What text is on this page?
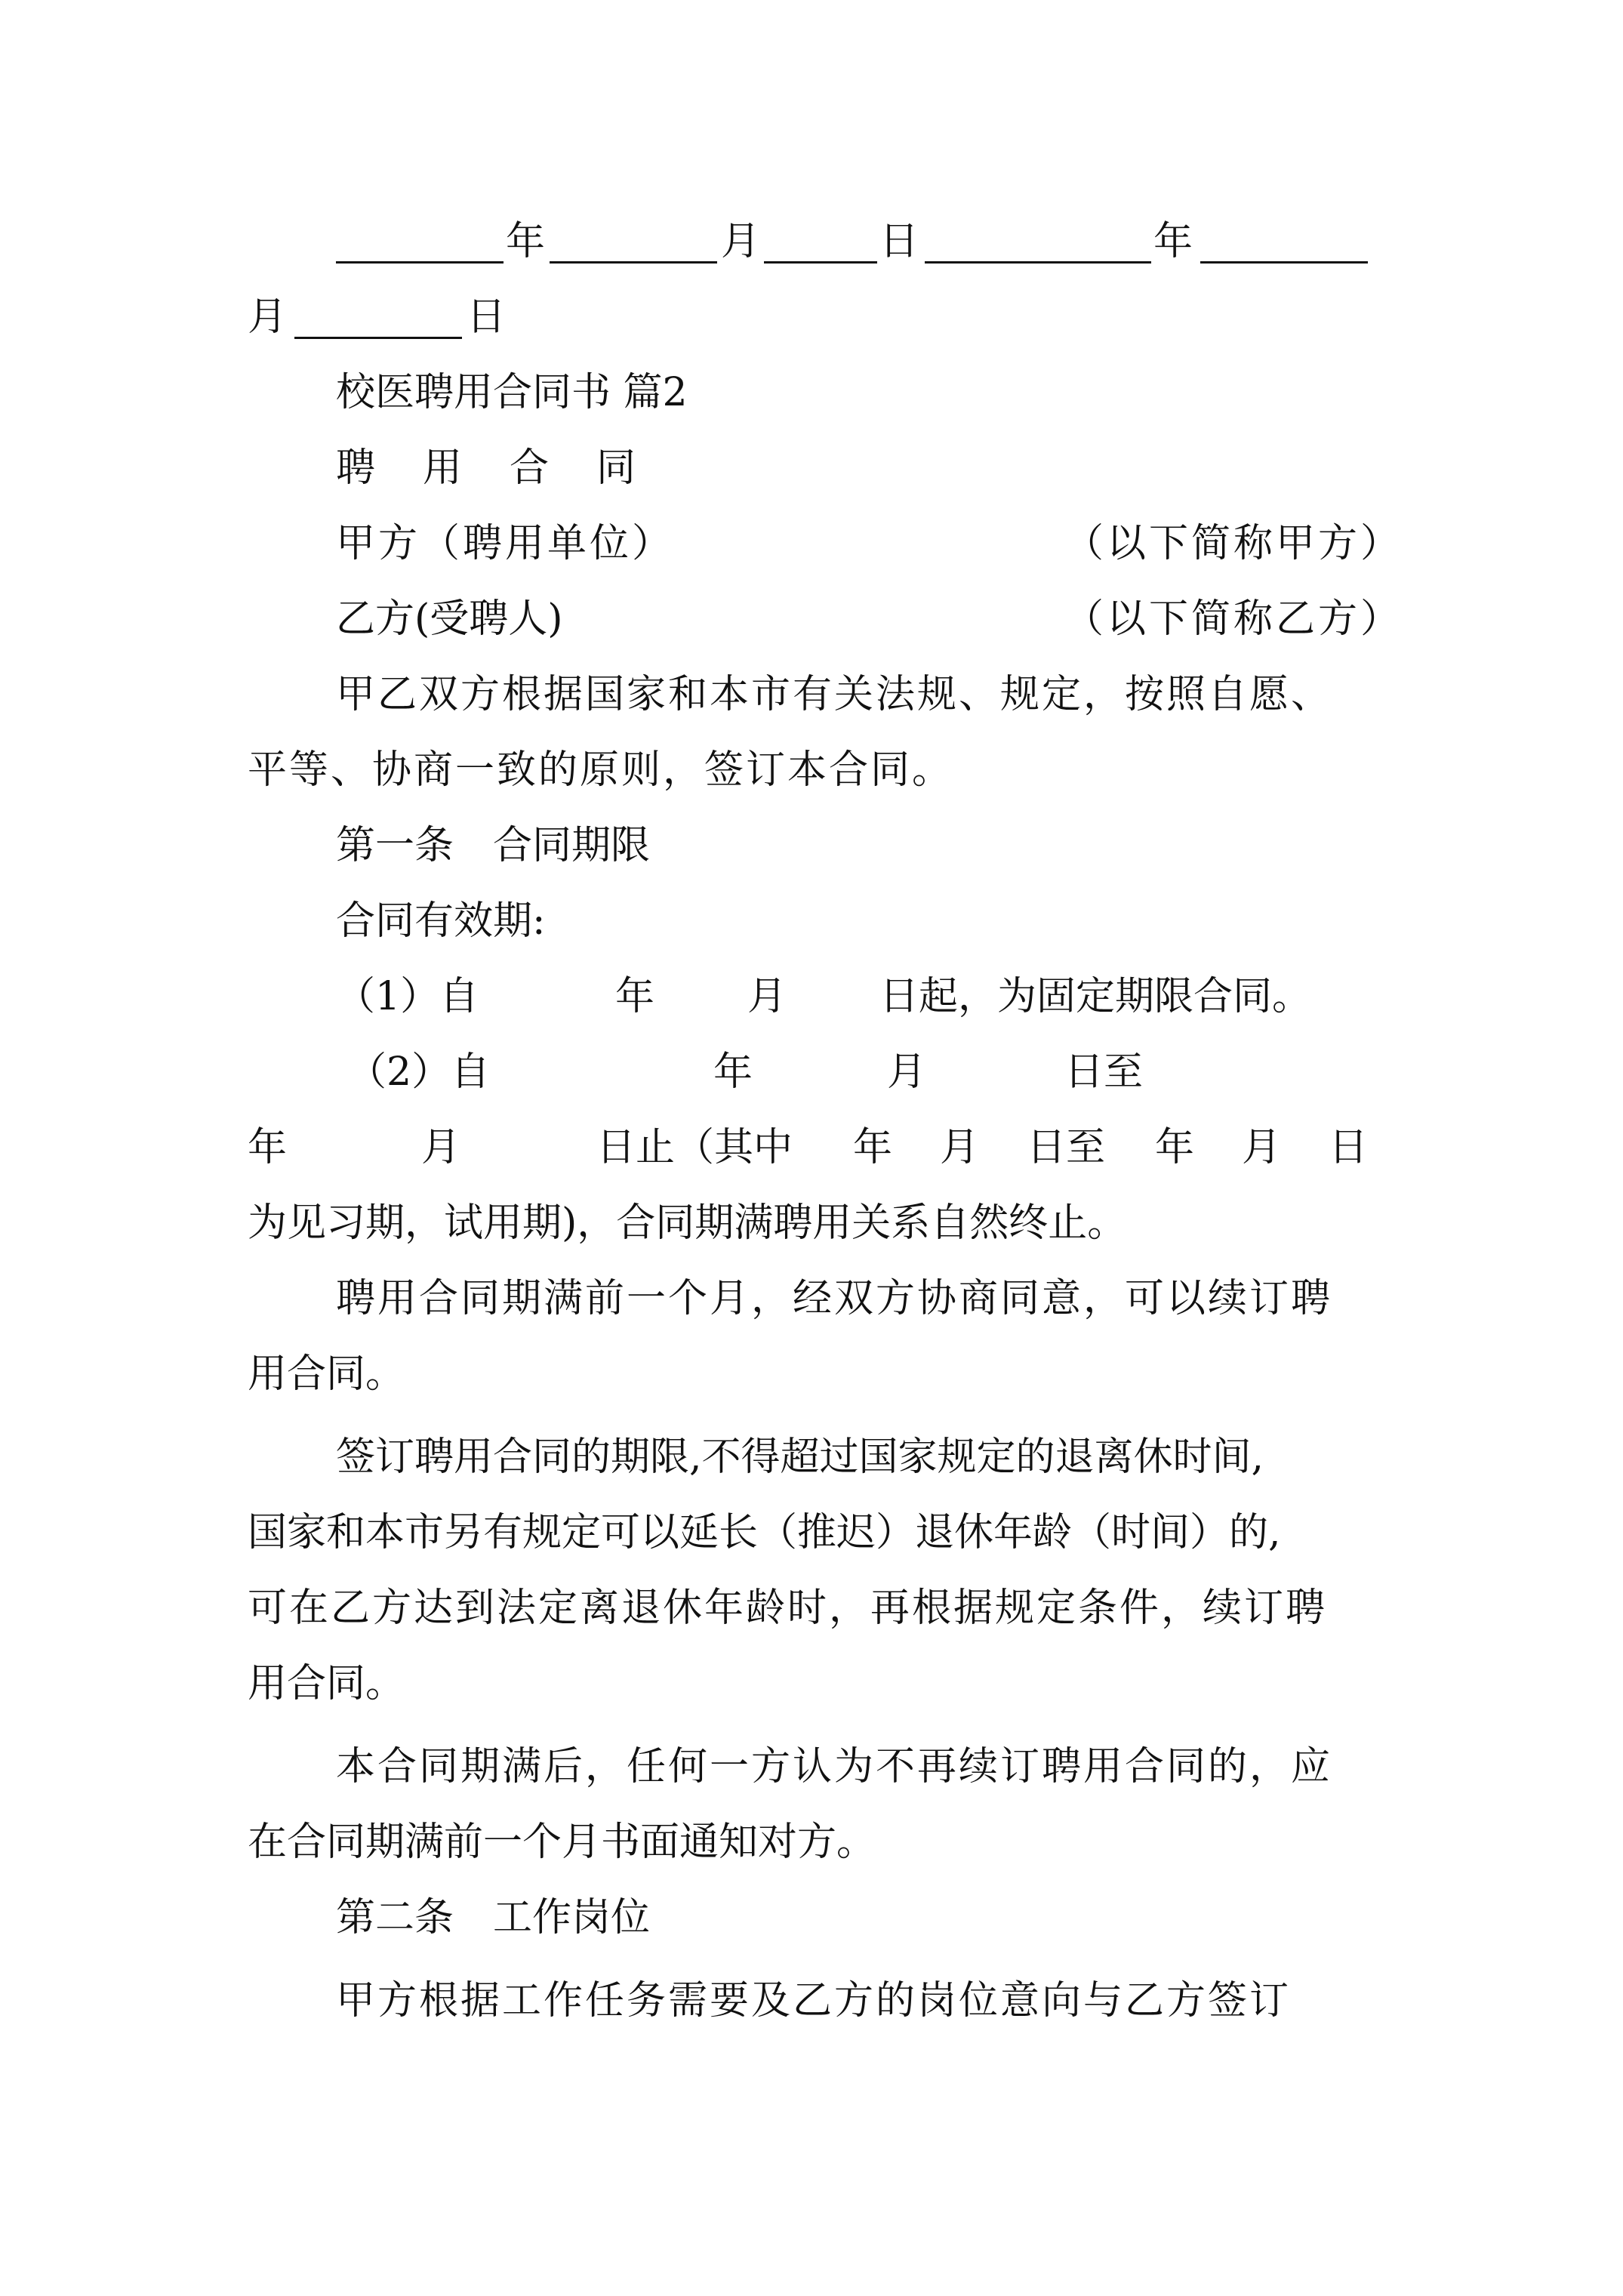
年

	月

	日

	年

月

	日

校医聘用合同书 篇2

聘

用

合

同

甲方（聘用单位）

	（以下简称甲方）

乙方(受聘人)

	（以下简称乙方）

甲乙双方根据国家和本市有关法规、规定，按照自愿、

平等、协商一致的原则，签订本合同。

第一条　合同期限

合同有效期:

（1）自

	年

月

日起，为固定期限合同。

（2）自

	年

	月

	日至

年

	月

	日止（其中

年

月

日至

年

月

日

为见习期，试用期)，合同期满聘用关系自然终止。

聘用合同期满前一个月，经双方协商同意，可以续订聘

用合同。

签订聘用合同的期限,不得超过国家规定的退离休时间,

国家和本市另有规定可以延长（推迟）退休年龄（时间）的,

可在乙方达到法定离退休年龄时，再根据规定条件，续订聘

用合同。

本合同期满后，任何一方认为不再续订聘用合同的，应

在合同期满前一个月书面通知对方。

第二条　工作岗位

甲方根据工作任务需要及乙方的岗位意向与乙方签订
